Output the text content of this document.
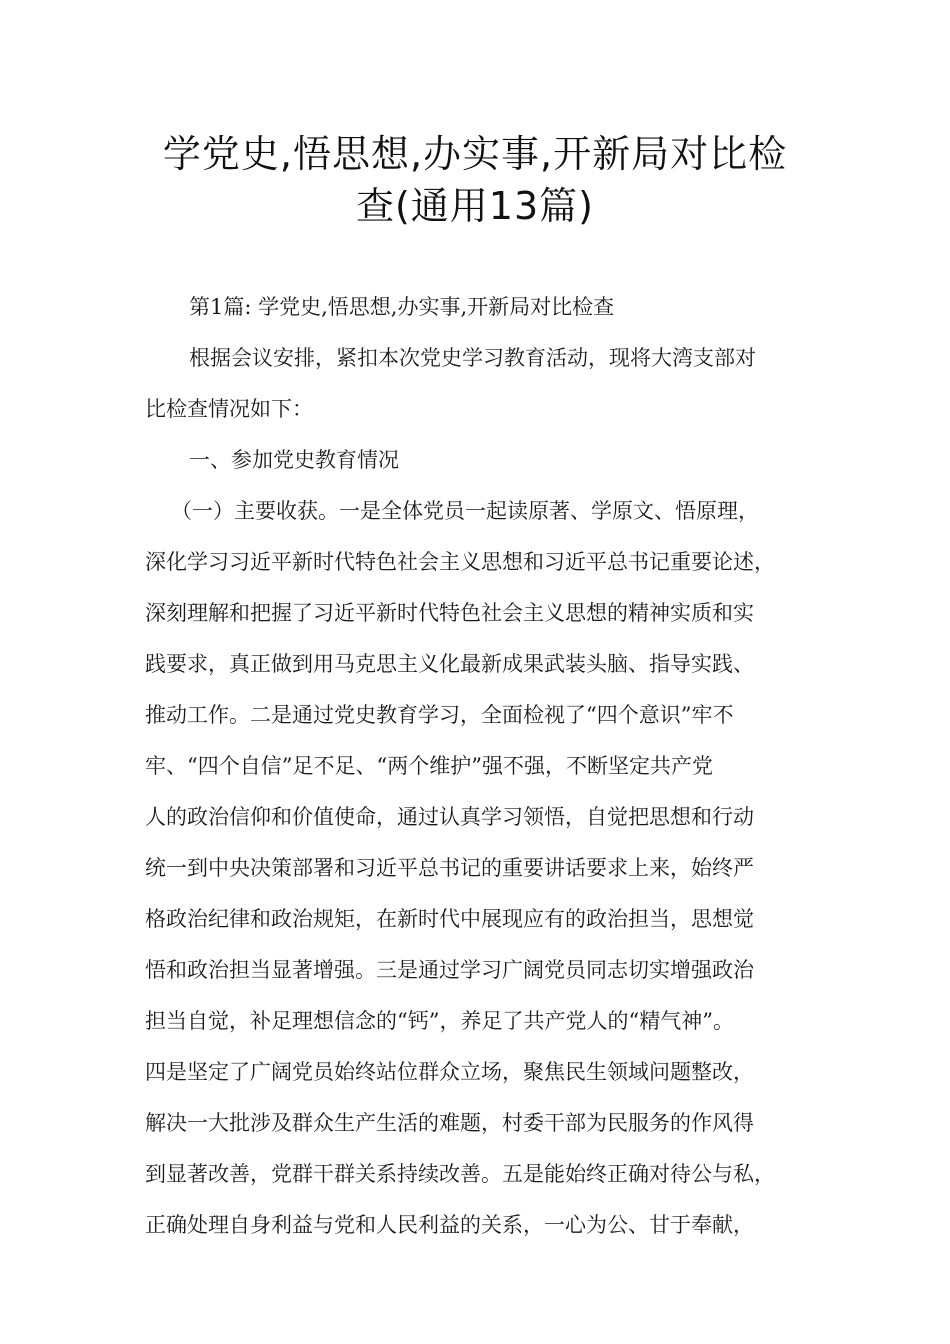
学党史,悟思想,办实事,开新局对比检
查(通用13篇)

第1篇: 学党史,悟思想,办实事,开新局对比检查

根据会议安排，紧扣本次党史学习教育活动，现将大湾支部对
比检查情况如下：

一、参加党史教育情况

（一）主要收获。一是全体党员一起读原著、学原文、悟原理，
深化学习习近平新时代特色社会主义思想和习近平总书记重要论述，
深刻理解和把握了习近平新时代特色社会主义思想的精神实质和实
践要求，真正做到用马克思主义化最新成果武装头脑、指导实践、
推动工作。二是通过党史教育学习，全面检视了“四个意识”牢不
牢、“四个自信”足不足、“两个维护”强不强，不断坚定共产党
人的政治信仰和价值使命，通过认真学习领悟，自觉把思想和行动
统一到中央决策部署和习近平总书记的重要讲话要求上来，始终严
格政治纪律和政治规矩，在新时代中展现应有的政治担当，思想觉
悟和政治担当显著增强。三是通过学习广阔党员同志切实增强政治
担当自觉，补足理想信念的“钙”，养足了共产党人的“精气神”。
四是坚定了广阔党员始终站位群众立场，聚焦民生领域问题整改，
解决一大批涉及群众生产生活的难题，村委干部为民服务的作风得
到显著改善，党群干群关系持续改善。五是能始终正确对待公与私，
正确处理自身利益与党和人民利益的关系，一心为公、甘于奉献，
